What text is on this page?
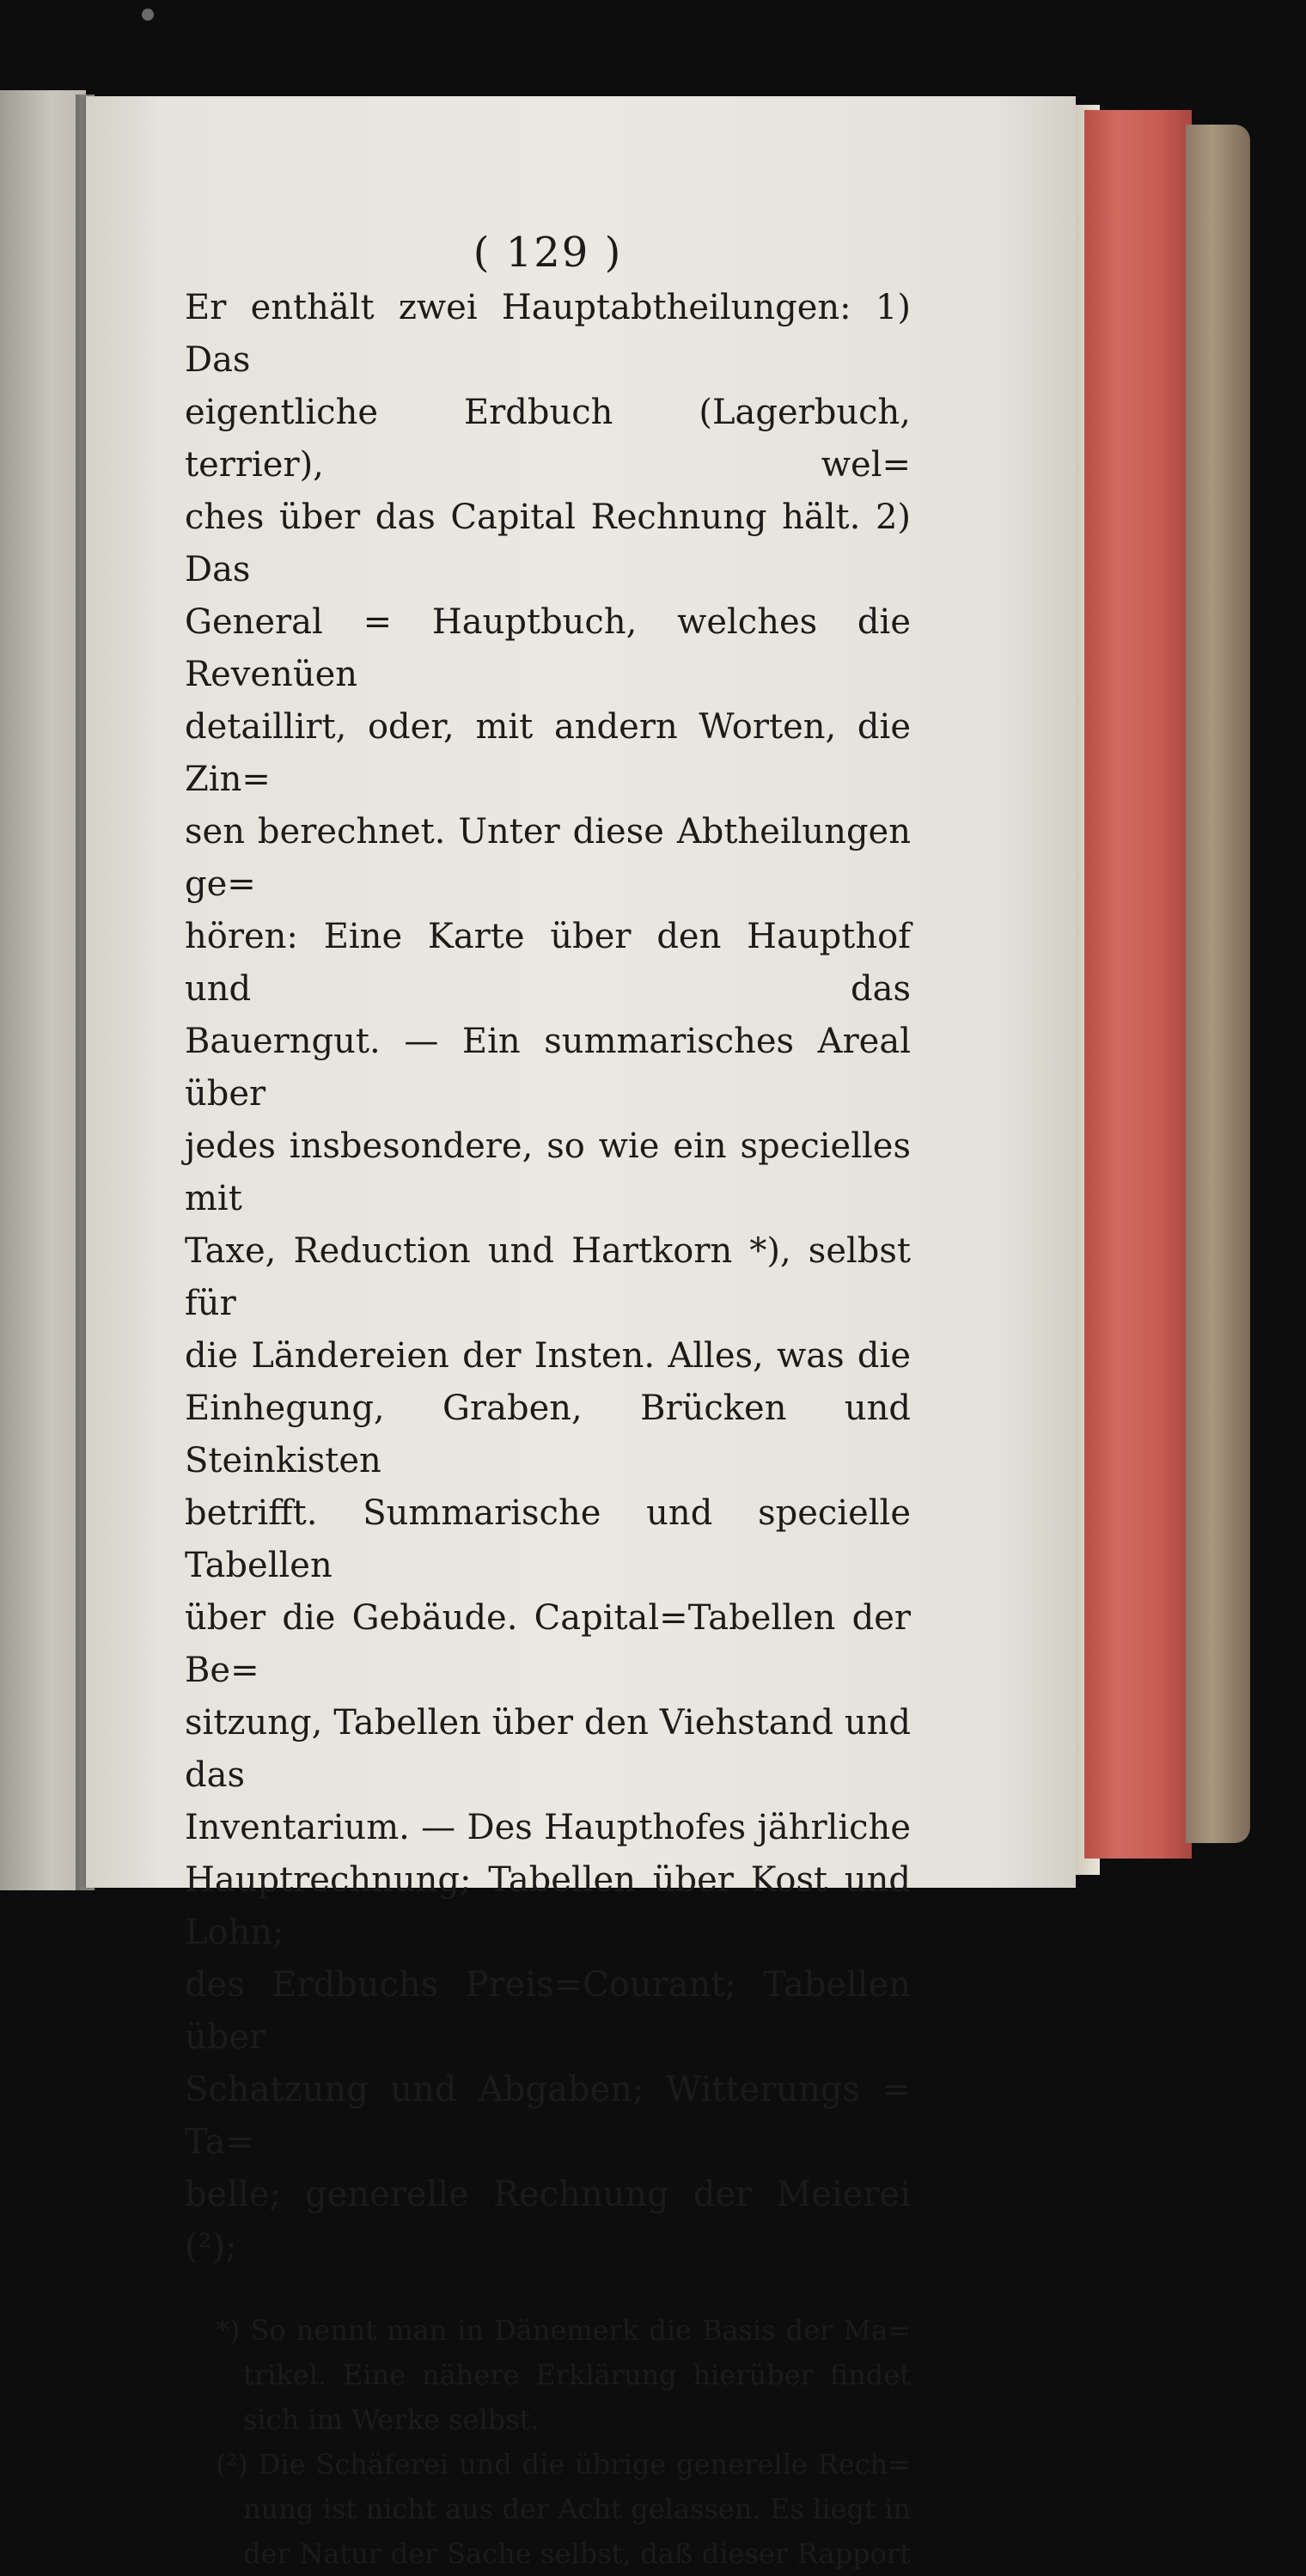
( 129 )

Er enthält zwei Hauptabtheilungen: 1) Das

eigentliche Erdbuch (Lagerbuch, terrier), wel=

ches über das Capital Rechnung hält. 2) Das

General = Hauptbuch, welches die Revenüen

detaillirt, oder, mit andern Worten, die Zin=

sen berechnet. Unter diese Abtheilungen ge=

hören: Eine Karte über den Haupthof und das

Bauerngut. — Ein summarisches Areal über

jedes insbesondere, so wie ein specielles mit

Taxe, Reduction und Hartkorn *), selbst für

die Ländereien der Insten. Alles, was die

Einhegung, Graben, Brücken und Steinkisten

betrifft. Summarische und specielle Tabellen

über die Gebäude. Capital=Tabellen der Be=

sitzung, Tabellen über den Viehstand und das

Inventarium. — Des Haupthofes jährliche

Hauptrechnung; Tabellen über Kost und Lohn;

des Erdbuchs Preis=Courant; Tabellen über

Schatzung und Abgaben; Witterungs = Ta=

belle; generelle Rechnung der Meierei (²);

*) So nennt man in Dänemerk die Basis der Ma=

trikel. Eine nähere Erklärung hierüber findet

sich im Werke selbst.

(²) Die Schäferei und die übrige generelle Rech=

nung ist nicht aus der Acht gelassen. Es liegt in

der Natur der Sache selbst, daß dieser Rapport
